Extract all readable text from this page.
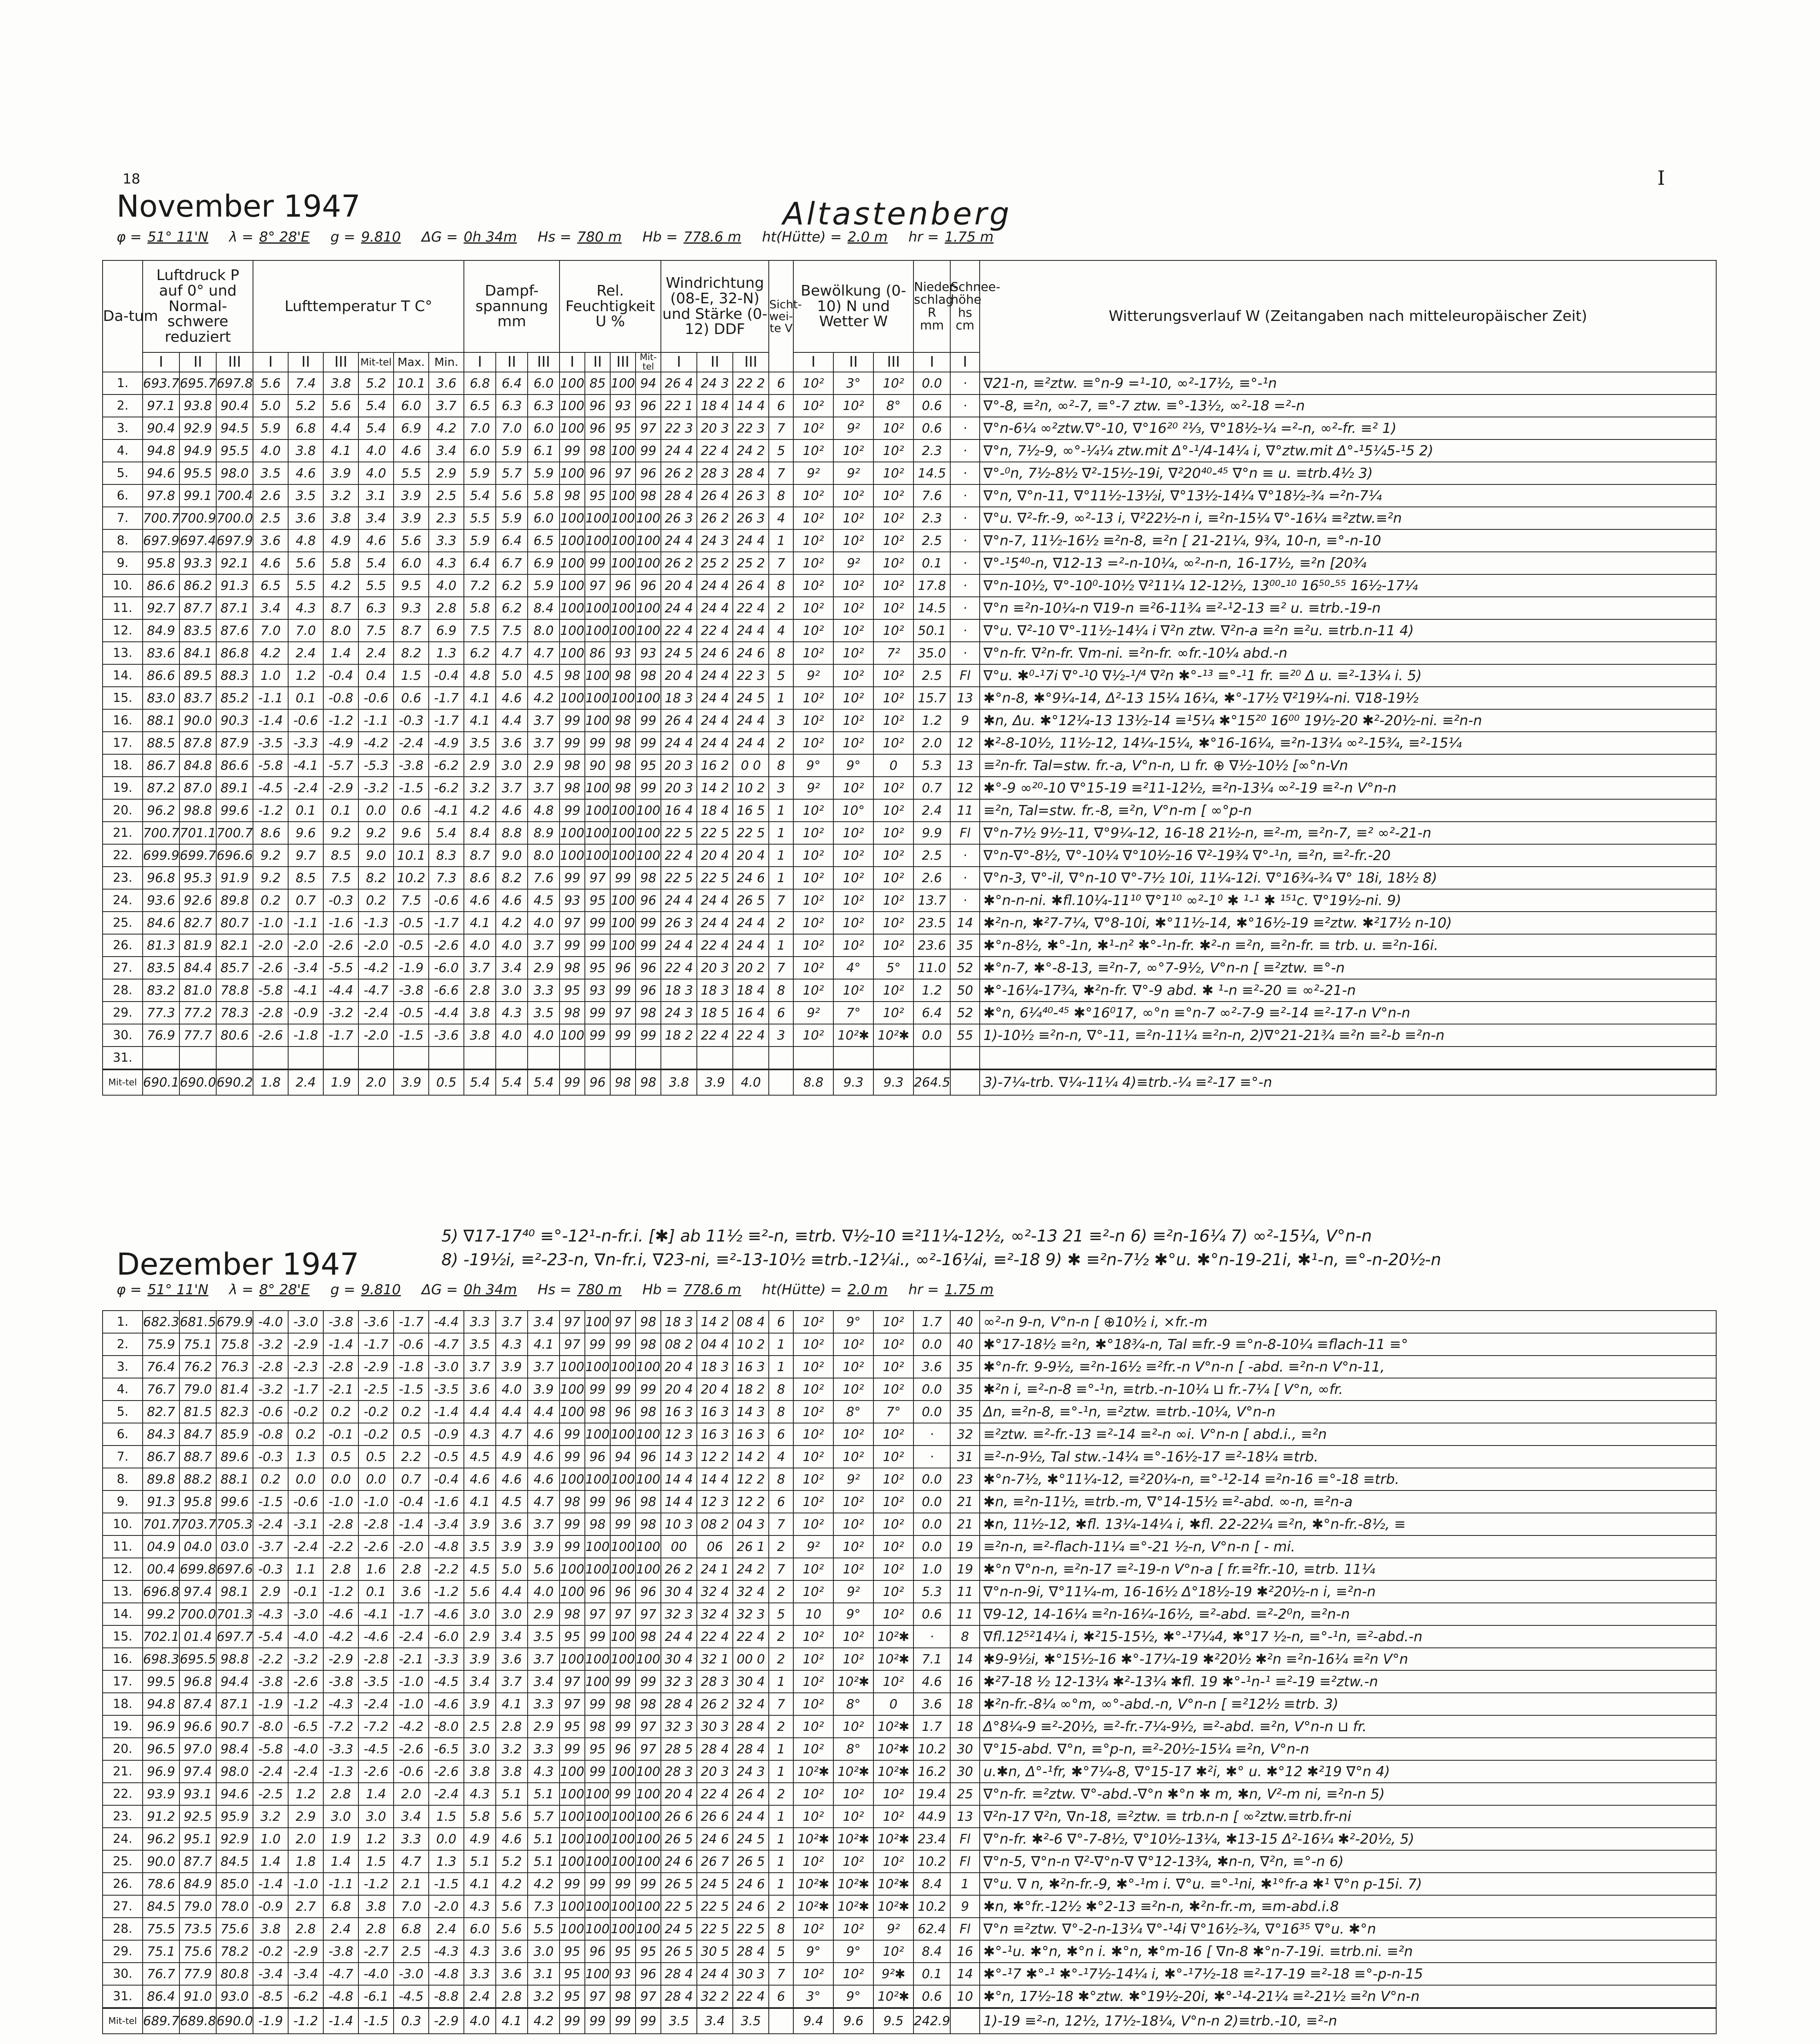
18	I
November 1947	Altastenberg
φ = 51° 11'N λ = 8° 28'E g = 9.810 ΔG = 0h 34m Hs = 780 m Hb = 778.6 m ht(Hütte) = 2.0 m hr = 1.75 m
Da-tum	Luftdruck P auf 0° und Normal-schwere reduziert			Lufttemperatur T C°						Dampf-spannung mm			Rel. Feuchtigkeit U %				Windrichtung (08-E, 32-N) und Stärke (0-12) DDF			Sicht-wei-te V	Bewölkung (0-10) N und Wetter W			Nieder-schlag R mm	Schnee-höhe hs cm	Witterungsverlauf W (Zeitangaben nach mitteleuropäischer Zeit)
	I	II	III	I	II	III	Mit-tel	Max.	Min.	I	II	III	I	II	III	Mit-tel	I	II	III		I	II	III	I	I	
1.	693.7	695.7	697.8	5.6	7.4	3.8	5.2	10.1	3.6	6.8	6.4	6.0	100	85	100	94	26 4	24 3	22 2	6	10²	3°	10²	0.0	·	∇21-n, ≡²ztw. ≡°n-9 =¹-10, ∞²-17½, ≡°-¹n
2.	97.1	93.8	90.4	5.0	5.2	5.6	5.4	6.0	3.7	6.5	6.3	6.3	100	96	93	96	22 1	18 4	14 4	6	10²	10²	8°	0.6	·	∇°-8, ≡²n, ∞²-7, ≡°-7 ztw. ≡°-13½, ∞²-18 =²-n
3.	90.4	92.9	94.5	5.9	6.8	4.4	5.4	6.9	4.2	7.0	7.0	6.0	100	96	95	97	22 3	20 3	22 3	7	10²	9²	10²	0.6	·	∇°n-6¼ ∞²ztw.∇°-10, ∇°16²⁰ ²⅓, ∇°18½-¼ =²-n, ∞²-fr. ≡² 1)
4.	94.8	94.9	95.5	4.0	3.8	4.1	4.0	4.6	3.4	6.0	5.9	6.1	99	98	100	99	24 4	22 4	24 2	5	10²	10²	10²	2.3	·	∇°n, 7½-9, ∞°-¼¼ ztw.mit Δ°-¹/4-14¼ i, ∇°ztw.mit Δ°-¹5¼5-¹5 2)
5.	94.6	95.5	98.0	3.5	4.6	3.9	4.0	5.5	2.9	5.9	5.7	5.9	100	96	97	96	26 2	28 3	28 4	7	9²	9²	10²	14.5	·	∇°-⁰n, 7½-8½ ∇²-15½-19i, ∇²20⁴⁰-⁴⁵ ∇°n ≡ u. ≡trb.4½ 3)
6.	97.8	99.1	700.4	2.6	3.5	3.2	3.1	3.9	2.5	5.4	5.6	5.8	98	95	100	98	28 4	26 4	26 3	8	10²	10²	10²	7.6	·	∇°n, ∇°n-11, ∇°11½-13½i, ∇°13½-14¼ ∇°18½-¾ =²n-7¼
7.	700.7	700.9	700.0	2.5	3.6	3.8	3.4	3.9	2.3	5.5	5.9	6.0	100	100	100	100	26 3	26 2	26 3	4	10²	10²	10²	2.3	·	∇°u. ∇²-fr.-9, ∞²-13 i, ∇²22½-n i, ≡²n-15¼ ∇°-16¼ ≡²ztw.≡²n
8.	697.9	697.4	697.9	3.6	4.8	4.9	4.6	5.6	3.3	5.9	6.4	6.5	100	100	100	100	24 4	24 3	24 4	1	10²	10²	10²	2.5	·	∇°n-7, 11½-16½ ≡²n-8, ≡²n [ 21-21¼, 9¾, 10-n, ≡°-n-10
9.	95.8	93.3	92.1	4.6	5.6	5.8	5.4	6.0	4.3	6.4	6.7	6.9	100	99	100	100	26 2	25 2	25 2	7	10²	9²	10²	0.1	·	∇°-¹5⁴⁰-n, ∇12-13 =²-n-10¼, ∞²-n-n, 16-17½, ≡²n [20¾
10.	86.6	86.2	91.3	6.5	5.5	4.2	5.5	9.5	4.0	7.2	6.2	5.9	100	97	96	96	20 4	24 4	26 4	8	10²	10²	10²	17.8	·	∇°n-10½, ∇°-10⁰-10½ ∇²11¼ 12-12½, 13⁰⁰-¹⁰ 16⁵⁰-⁵⁵ 16½-17¼
11.	92.7	87.7	87.1	3.4	4.3	8.7	6.3	9.3	2.8	5.8	6.2	8.4	100	100	100	100	24 4	24 4	22 4	2	10²	10²	10²	14.5	·	∇°n ≡²n-10¼-n ∇19-n ≡²6-11¾ ≡²-¹2-13 ≡² u. ≡trb.-19-n
12.	84.9	83.5	87.6	7.0	7.0	8.0	7.5	8.7	6.9	7.5	7.5	8.0	100	100	100	100	22 4	22 4	24 4	4	10²	10²	10²	50.1	·	∇°u. ∇²-10 ∇°-11½-14¼ i ∇²n ztw. ∇²n-a ≡²n ≡²u. ≡trb.n-11 4)
13.	83.6	84.1	86.8	4.2	2.4	1.4	2.4	8.2	1.3	6.2	4.7	4.7	100	86	93	93	24 5	24 6	24 6	8	10²	10²	7²	35.0	·	∇°n-fr. ∇²n-fr. ∇m-ni. ≡²n-fr. ∞fr.-10¼ abd.-n
14.	86.6	89.5	88.3	1.0	1.2	-0.4	0.4	1.5	-0.4	4.8	5.0	4.5	98	100	98	98	20 4	24 4	22 3	5	9²	10²	10²	2.5	Fl	∇°u. ✱⁰-¹7i ∇°-¹0 ∇½-¹/⁴ ∇²n ✱°-¹³ ≡°-¹1 fr. ≡²⁰ Δ u. ≡²-13¼ i. 5)
15.	83.0	83.7	85.2	-1.1	0.1	-0.8	-0.6	0.6	-1.7	4.1	4.6	4.2	100	100	100	100	18 3	24 4	24 5	1	10²	10²	10²	15.7	13	✱°n-8, ✱°9¼-14, Δ²-13 15¼ 16¼, ✱°-17½ ∇²19¼-ni. ∇18-19½
16.	88.1	90.0	90.3	-1.4	-0.6	-1.2	-1.1	-0.3	-1.7	4.1	4.4	3.7	99	100	98	99	26 4	24 4	24 4	3	10²	10²	10²	1.2	9	✱n, Δu. ✱°12¼-13 13½-14 ≡¹5¼ ✱°15²⁰ 16⁰⁰ 19½-20 ✱²-20½-ni. ≡²n-n
17.	88.5	87.8	87.9	-3.5	-3.3	-4.9	-4.2	-2.4	-4.9	3.5	3.6	3.7	99	99	98	99	24 4	24 4	24 4	2	10²	10²	10²	2.0	12	✱²-8-10½, 11½-12, 14¼-15¼, ✱°16-16¼, ≡²n-13¼ ∞²-15¾, ≡²-15¼
18.	86.7	84.8	86.6	-5.8	-4.1	-5.7	-5.3	-3.8	-6.2	2.9	3.0	2.9	98	90	98	95	20 3	16 2	0 0	8	9°	9°	0	5.3	13	≡²n-fr. Tal=stw. fr.-a, V°n-n, ⊔ fr. ⊕ ∇½-10½ [∞°n-Vn
19.	87.2	87.0	89.1	-4.5	-2.4	-2.9	-3.2	-1.5	-6.2	3.2	3.7	3.7	98	100	98	99	20 3	14 2	10 2	3	9²	10²	10²	0.7	12	✱°-9 ∞²⁰-10 ∇°15-19 ≡²11-12½, ≡²n-13¼ ∞²-19 ≡²-n V°n-n
20.	96.2	98.8	99.6	-1.2	0.1	0.1	0.0	0.6	-4.1	4.2	4.6	4.8	99	100	100	100	16 4	18 4	16 5	1	10²	10°	10²	2.4	11	≡²n, Tal=stw. fr.-8, ≡²n, V°n-m [ ∞°p-n
21.	700.7	701.1	700.7	8.6	9.6	9.2	9.2	9.6	5.4	8.4	8.8	8.9	100	100	100	100	22 5	22 5	22 5	1	10²	10²	10²	9.9	Fl	∇°n-7½ 9½-11, ∇°9¼-12, 16-18 21½-n, ≡²-m, ≡²n-7, ≡² ∞²-21-n
22.	699.9	699.7	696.6	9.2	9.7	8.5	9.0	10.1	8.3	8.7	9.0	8.0	100	100	100	100	22 4	20 4	20 4	1	10²	10²	10²	2.5	·	∇°n-∇°-8½, ∇°-10¼ ∇°10½-16 ∇²-19¾ ∇°-¹n, ≡²n, ≡²-fr.-20
23.	96.8	95.3	91.9	9.2	8.5	7.5	8.2	10.2	7.3	8.6	8.2	7.6	99	97	99	98	22 5	22 5	24 6	1	10²	10²	10²	2.6	·	∇°n-3, ∇°-il, ∇°n-10 ∇°-7½ 10i, 11¼-12i. ∇°16¾-¾ ∇° 18i, 18½ 8)
24.	93.6	92.6	89.8	0.2	0.7	-0.3	0.2	7.5	-0.6	4.6	4.6	4.5	93	95	100	96	24 4	24 4	26 5	7	10²	10²	10²	13.7	·	✱°n-n-ni. ✱fl.10¼-11¹⁰ ∇°1¹⁰ ∞²-1⁰ ✱ ¹-¹ ✱ ¹⁵¹c. ∇°19½-ni. 9)
25.	84.6	82.7	80.7	-1.0	-1.1	-1.6	-1.3	-0.5	-1.7	4.1	4.2	4.0	97	99	100	99	26 3	24 4	24 4	2	10²	10²	10²	23.5	14	✱²n-n, ✱²7-7¼, ∇°8-10i, ✱°11½-14, ✱°16½-19 ≡²ztw. ✱²17½ n-10)
26.	81.3	81.9	82.1	-2.0	-2.0	-2.6	-2.0	-0.5	-2.6	4.0	4.0	3.7	99	99	100	99	24 4	22 4	24 4	1	10²	10²	10²	23.6	35	✱°n-8½, ✱°-1n, ✱¹-n² ✱°-¹n-fr. ✱²-n ≡²n, ≡²n-fr. ≡ trb. u. ≡²n-16i.
27.	83.5	84.4	85.7	-2.6	-3.4	-5.5	-4.2	-1.9	-6.0	3.7	3.4	2.9	98	95	96	96	22 4	20 3	20 2	7	10²	4°	5°	11.0	52	✱°n-7, ✱°-8-13, ≡²n-7, ∞°7-9½, V°n-n [ ≡²ztw. ≡°-n
28.	83.2	81.0	78.8	-5.8	-4.1	-4.4	-4.7	-3.8	-6.6	2.8	3.0	3.3	95	93	99	96	18 3	18 3	18 4	8	10²	10²	10²	1.2	50	✱°-16¼-17¾, ✱²n-fr. ∇°-9 abd. ✱ ¹-n ≡²-20 ≡ ∞²-21-n
29.	77.3	77.2	78.3	-2.8	-0.9	-3.2	-2.4	-0.5	-4.4	3.8	4.3	3.5	98	99	97	98	24 3	18 5	16 4	6	9²	7°	10²	6.4	52	✱°n, 6¼⁴⁰-⁴⁵ ✱°16⁰17, ∞°n ≡°n-7 ∞²-7-9 ≡²-14 ≡²-17-n V°n-n
30.	76.9	77.7	80.6	-2.6	-1.8	-1.7	-2.0	-1.5	-3.6	3.8	4.0	4.0	100	99	99	99	18 2	22 4	22 4	3	10²	10²✱	10²✱	0.0	55	1)-10½ ≡²n-n, ∇°-11, ≡²n-11¼ ≡²n-n, 2)∇°21-21¾ ≡²n ≡²-b ≡²n-n
31.																										
Mit-tel	690.1	690.0	690.2	1.8	2.4	1.9	2.0	3.9	0.5	5.4	5.4	5.4	99	96	98	98	3.8	3.9	4.0		8.8	9.3	9.3	264.5		3)-7¼-trb. ∇¼-11¼ 4)≡trb.-¼ ≡²-17 ≡°-n
5) ∇17-17⁴⁰ ≡°-12¹-n-fr.i. [✱] ab 11½ ≡²-n, ≡trb. ∇½-10 ≡²11¼-12½, ∞²-13 21 ≡²-n 6) ≡²n-16¼ 7) ∞²-15¼, V°n-n
8) -19½i, ≡²-23-n, ∇n-fr.i, ∇23-ni, ≡²-13-10½ ≡trb.-12¼i., ∞²-16¼i, ≡²-18 9) ✱ ≡²n-7½ ✱°u. ✱°n-19-21i, ✱¹-n, ≡°-n-20½-n
Dezember 1947
φ = 51° 11'N λ = 8° 28'E g = 9.810 ΔG = 0h 34m Hs = 780 m Hb = 778.6 m ht(Hütte) = 2.0 m hr = 1.75 m
1.	682.3	681.5	679.9	-4.0	-3.0	-3.8	-3.6	-1.7	-4.4	3.3	3.7	3.4	97	100	97	98	18 3	14 2	08 4	6	10²	9°	10²	1.7	40	∞²-n 9-n, V°n-n [ ⊕10½ i, ⨯fr.-m
2.	75.9	75.1	75.8	-3.2	-2.9	-1.4	-1.7	-0.6	-4.7	3.5	4.3	4.1	97	99	99	98	08 2	04 4	10 2	1	10²	10²	10²	0.0	40	✱°17-18½ ≡²n, ✱°18¾-n, Tal ≡fr.-9 ≡°n-8-10¼ ≡flach-11 ≡°
3.	76.4	76.2	76.3	-2.8	-2.3	-2.8	-2.9	-1.8	-3.0	3.7	3.9	3.7	100	100	100	100	20 4	18 3	16 3	1	10²	10²	10²	3.6	35	✱°n-fr. 9-9½, ≡²n-16½ ≡²fr.-n V°n-n [ -abd. ≡²n-n V°n-11,
4.	76.7	79.0	81.4	-3.2	-1.7	-2.1	-2.5	-1.5	-3.5	3.6	4.0	3.9	100	99	99	99	20 4	20 4	18 2	8	10²	10²	10²	0.0	35	✱²n i, ≡²-n-8 ≡°-¹n, ≡trb.-n-10¼ ⊔ fr.-7¼ [ V°n, ∞fr.
5.	82.7	81.5	82.3	-0.6	-0.2	0.2	-0.2	0.2	-1.4	4.4	4.4	4.4	100	98	96	98	16 3	16 3	14 3	8	10²	8°	7°	0.0	35	Δn, ≡²n-8, ≡°-¹n, ≡²ztw. ≡trb.-10¼, V°n-n
6.	84.3	84.7	85.9	-0.8	0.2	-0.1	-0.2	0.5	-0.9	4.3	4.7	4.6	99	100	100	100	12 3	16 3	16 3	6	10²	10²	10²	·	32	≡²ztw. ≡²-fr.-13 ≡²-14 ≡²-n ∞i. V°n-n [ abd.i., ≡²n
7.	86.7	88.7	89.6	-0.3	1.3	0.5	0.5	2.2	-0.5	4.5	4.9	4.6	99	96	94	96	14 3	12 2	14 2	4	10²	10²	10²	·	31	≡²-n-9½, Tal stw.-14¼ ≡°-16½-17 ≡²-18¼ ≡trb.
8.	89.8	88.2	88.1	0.2	0.0	0.0	0.0	0.7	-0.4	4.6	4.6	4.6	100	100	100	100	14 4	14 4	12 2	8	10²	9²	10²	0.0	23	✱°n-7½, ✱°11¼-12, ≡²20¼-n, ≡°-¹2-14 ≡²n-16 ≡°-18 ≡trb.
9.	91.3	95.8	99.6	-1.5	-0.6	-1.0	-1.0	-0.4	-1.6	4.1	4.5	4.7	98	99	96	98	14 4	12 3	12 2	6	10²	10²	10²	0.0	21	✱n, ≡²n-11½, ≡trb.-m, ∇°14-15½ ≡²-abd. ∞-n, ≡²n-a
10.	701.7	703.7	705.3	-2.4	-3.1	-2.8	-2.8	-1.4	-3.4	3.9	3.6	3.7	99	98	99	98	10 3	08 2	04 3	7	10²	10²	10²	0.0	21	✱n, 11½-12, ✱fl. 13¼-14¼ i, ✱fl. 22-22¼ ≡²n, ✱°n-fr.-8½, ≡
11.	04.9	04.0	03.0	-3.7	-2.4	-2.2	-2.6	-2.0	-4.8	3.5	3.9	3.9	99	100	100	100	00	06	26 1	2	9²	10²	10²	0.0	19	≡²n-n, ≡²-flach-11¼ ≡°-21 ½-n, V°n-n [ - mi.
12.	00.4	699.8	697.6	-0.3	1.1	2.8	1.6	2.8	-2.2	4.5	5.0	5.6	100	100	100	100	26 2	24 1	24 2	7	10²	10²	10²	1.0	19	✱°n ∇°n-n, ≡²n-17 ≡²-19-n V°n-a [ fr.≡²fr.-10, ≡trb. 11¼
13.	696.8	97.4	98.1	2.9	-0.1	-1.2	0.1	3.6	-1.2	5.6	4.4	4.0	100	96	96	96	30 4	32 4	32 4	2	10²	9²	10²	5.3	11	∇°n-n-9i, ∇°11¼-m, 16-16½ Δ°18½-19 ✱²20½-n i, ≡²n-n
14.	99.2	700.0	701.3	-4.3	-3.0	-4.6	-4.1	-1.7	-4.6	3.0	3.0	2.9	98	97	97	97	32 3	32 4	32 3	5	10	9°	10²	0.6	11	∇9-12, 14-16¼ ≡²n-16¼-16½, ≡²-abd. ≡²-2⁰n, ≡²n-n
15.	702.1	01.4	697.7	-5.4	-4.0	-4.2	-4.6	-2.4	-6.0	2.9	3.4	3.5	95	99	100	98	24 4	22 4	22 4	2	10²	10²	10²✱	·	8	∇fl.12⁵²14¼ i, ✱²15-15½, ✱°-¹7¼4, ✱°17 ½-n, ≡°-¹n, ≡²-abd.-n
16.	698.3	695.5	98.8	-2.2	-3.2	-2.9	-2.8	-2.1	-3.3	3.9	3.6	3.7	100	100	100	100	30 4	32 1	00 0	2	10²	10²	10²✱	7.1	14	✱9-9½i, ✱°15½-16 ✱°-17¼-19 ✱²20½ ✱²n ≡²n-16¼ ≡²n V°n
17.	99.5	96.8	94.4	-3.8	-2.6	-3.8	-3.5	-1.0	-4.5	3.4	3.7	3.4	97	100	99	99	32 3	28 3	30 4	1	10²	10²✱	10²	4.6	16	✱²7-18 ½ 12-13¼ ✱²-13¼ ✱fl. 19 ✱°-¹n-¹ ≡²-19 ≡²ztw.-n
18.	94.8	87.4	87.1	-1.9	-1.2	-4.3	-2.4	-1.0	-4.6	3.9	4.1	3.3	97	99	98	98	28 4	26 2	32 4	7	10²	8°	0	3.6	18	✱²n-fr.-8¼ ∞°m, ∞°-abd.-n, V°n-n [ ≡²12½ ≡trb. 3)
19.	96.9	96.6	90.7	-8.0	-6.5	-7.2	-7.2	-4.2	-8.0	2.5	2.8	2.9	95	98	99	97	32 3	30 3	28 4	2	10²	10²	10²✱	1.7	18	Δ°8¼-9 ≡²-20½, ≡²-fr.-7¼-9½, ≡²-abd. ≡²n, V°n-n ⊔ fr.
20.	96.5	97.0	98.4	-5.8	-4.0	-3.3	-4.5	-2.6	-6.5	3.0	3.2	3.3	99	95	96	97	28 5	28 4	28 4	1	10²	8°	10²✱	10.2	30	∇°15-abd. ∇°n, ≡°p-n, ≡²-20½-15¼ ≡²n, V°n-n
21.	96.9	97.4	98.0	-2.4	-2.4	-1.3	-2.6	-0.6	-2.6	3.8	3.8	4.3	100	99	100	100	28 3	20 3	24 3	1	10²✱	10²✱	10²✱	16.2	30	u.✱n, Δ°-¹fr, ✱°7¼-8, ∇°15-17 ✱²i, ✱° u. ✱°12 ✱²19 ∇°n 4)
22.	93.9	93.1	94.6	-2.5	1.2	2.8	1.4	2.0	-2.4	4.3	5.1	5.1	100	100	99	100	20 4	22 4	26 4	2	10²	10²	10²	19.4	25	∇°n-fr. ≡²ztw. ∇°-abd.-∇°n ✱°n ✱ m, ✱n, V²-m ni, ≡²n-n 5)
23.	91.2	92.5	95.9	3.2	2.9	3.0	3.0	3.4	1.5	5.8	5.6	5.7	100	100	100	100	26 6	26 6	24 4	1	10²	10²	10²	44.9	13	∇²n-17 ∇²n, ∇n-18, ≡²ztw. ≡ trb.n-n [ ∞²ztw.≡trb.fr-ni
24.	96.2	95.1	92.9	1.0	2.0	1.9	1.2	3.3	0.0	4.9	4.6	5.1	100	100	100	100	26 5	24 6	24 5	1	10²✱	10²✱	10²✱	23.4	Fl	∇°n-fr. ✱²-6 ∇°-7-8½, ∇°10½-13¼, ✱13-15 Δ²-16¼ ✱²-20½, 5)
25.	90.0	87.7	84.5	1.4	1.8	1.4	1.5	4.7	1.3	5.1	5.2	5.1	100	100	100	100	24 6	26 7	26 5	1	10²	10²	10²	10.2	Fl	∇°n-5, ∇°n-n ∇²-∇°n-∇ ∇°12-13¾, ✱n-n, ∇²n, ≡°-n 6)
26.	78.6	84.9	85.0	-1.4	-1.0	-1.1	-1.2	2.1	-1.5	4.1	4.2	4.2	99	99	99	99	26 5	24 5	24 6	1	10²✱	10²✱	10²✱	8.4	1	∇°u. ∇ n, ✱²n-fr.-9, ✱°-¹m i. ∇°u. ≡°-¹ni, ✱¹°fr-a ✱¹ ∇°n p-15i. 7)
27.	84.5	79.0	78.0	-0.9	2.7	6.8	3.8	7.0	-2.0	4.3	5.6	7.3	100	100	100	100	22 5	22 5	24 6	2	10²✱	10²✱	10²✱	10.2	9	✱n, ✱°fr.-12½ ✱°2-13 ≡²n-n, ✱²n-fr.-m, ≡m-abd.i.8
28.	75.5	73.5	75.6	3.8	2.8	2.4	2.8	6.8	2.4	6.0	5.6	5.5	100	100	100	100	24 5	22 5	22 5	8	10²	10²	9²	62.4	Fl	∇°n ≡²ztw. ∇°-2-n-13¼ ∇°-¹4i ∇°16½-¾, ∇°16³⁵ ∇°u. ✱°n
29.	75.1	75.6	78.2	-0.2	-2.9	-3.8	-2.7	2.5	-4.3	4.3	3.6	3.0	95	96	95	95	26 5	30 5	28 4	5	9°	9°	10²	8.4	16	✱°-¹u. ✱°n, ✱°n i. ✱°n, ✱°m-16 [ ∇n-8 ✱°n-7-19i. ≡trb.ni. ≡²n
30.	76.7	77.9	80.8	-3.4	-3.4	-4.7	-4.0	-3.0	-4.8	3.3	3.6	3.1	95	100	93	96	28 4	24 4	30 3	7	10²	10²	9²✱	0.1	14	✱°-¹7 ✱°-¹ ✱°-¹7½-14¼ i, ✱°-¹7½-18 ≡²-17-19 ≡²-18 ≡°-p-n-15
31.	86.4	91.0	93.0	-8.5	-6.2	-4.8	-6.1	-4.5	-8.8	2.4	2.8	3.2	95	97	98	97	28 4	32 2	22 4	6	3°	9°	10²✱	0.6	10	✱°n, 17½-18 ✱°ztw. ✱°19½-20i, ✱°-¹4-21¼ ≡²-21½ ≡²n V°n-n
Mit-tel	689.7	689.8	690.0	-1.9	-1.2	-1.4	-1.5	0.3	-2.9	4.0	4.1	4.2	99	99	99	99	3.5	3.4	3.5		9.4	9.6	9.5	242.9		1)-19 ≡²-n, 12½, 17½-18¼, V°n-n 2)≡trb.-10, ≡²-n
